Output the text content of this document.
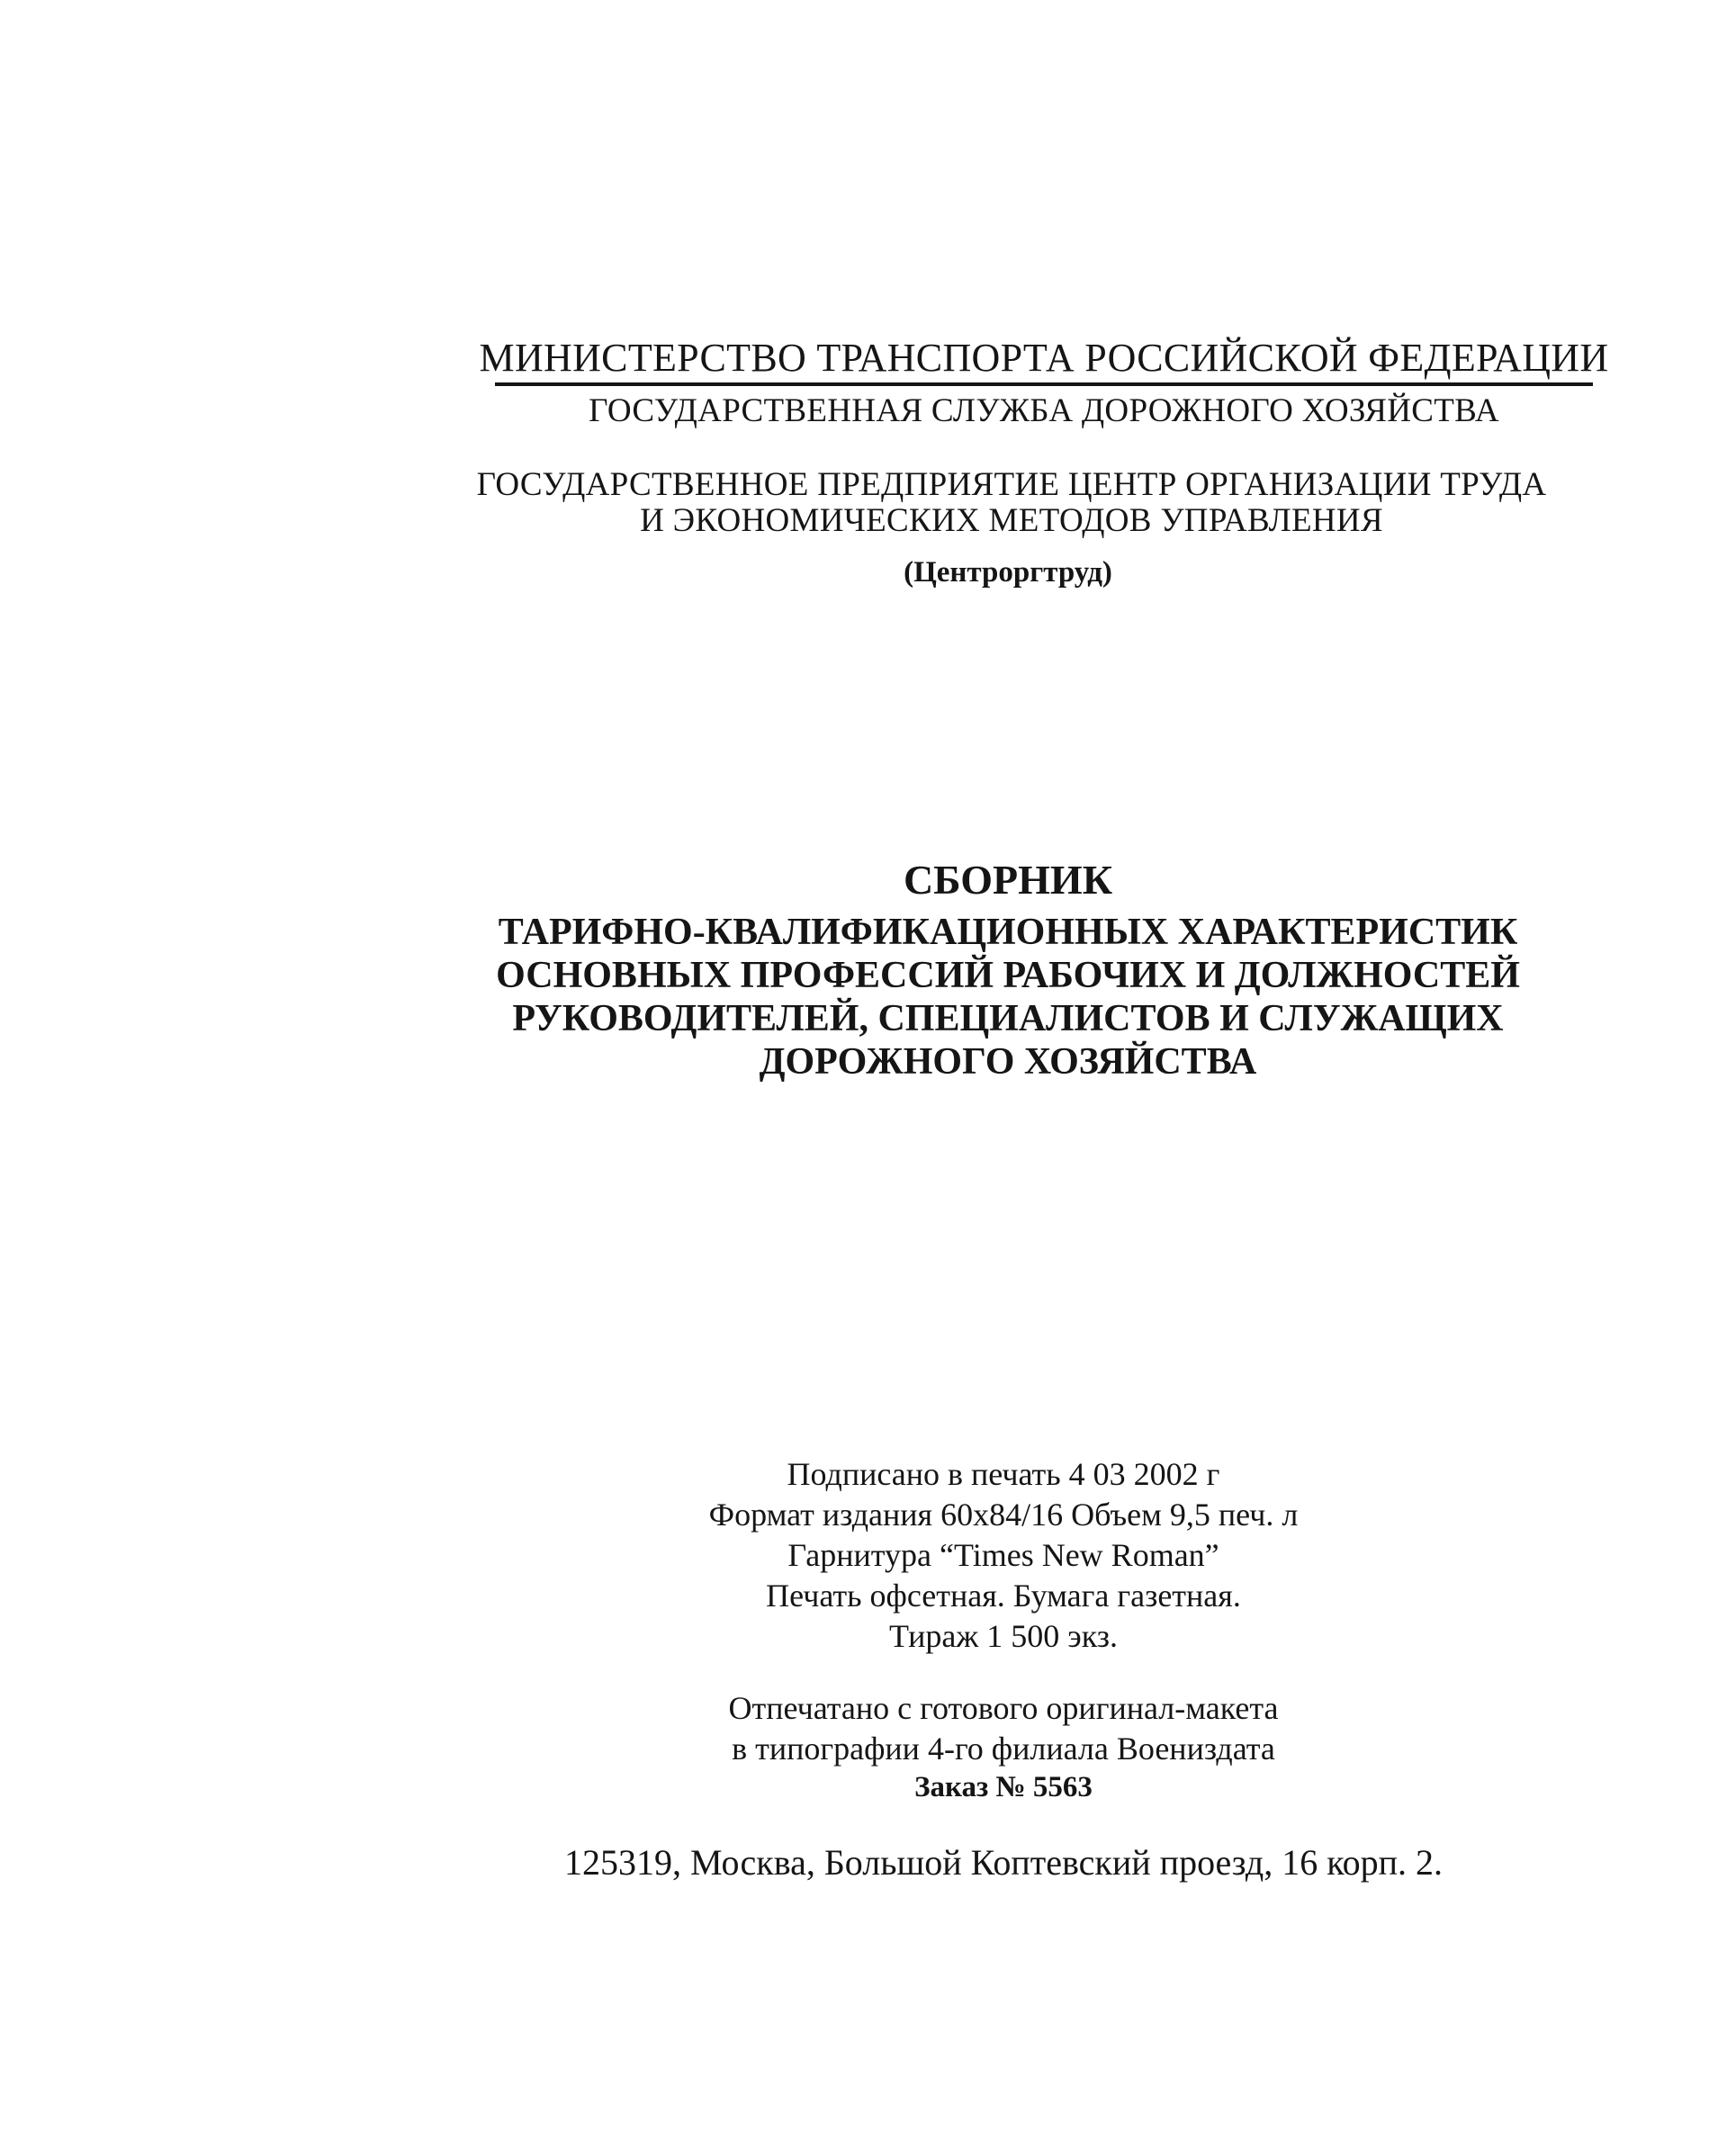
МИНИСТЕРСТВО ТРАНСПОРТА РОССИЙСКОЙ ФЕДЕРАЦИИ
ГОСУДАРСТВЕННАЯ СЛУЖБА ДОРОЖНОГО ХОЗЯЙСТВА
ГОСУДАРСТВЕННОЕ ПРЕДПРИЯТИЕ ЦЕНТР ОРГАНИЗАЦИИ ТРУДА
И ЭКОНОМИЧЕСКИХ МЕТОДОВ УПРАВЛЕНИЯ
(Центроргтруд)
СБОРНИК
ТАРИФНО-КВАЛИФИКАЦИОННЫХ ХАРАКТЕРИСТИК
ОСНОВНЫХ ПРОФЕССИЙ РАБОЧИХ И ДОЛЖНОСТЕЙ
РУКОВОДИТЕЛЕЙ, СПЕЦИАЛИСТОВ И СЛУЖАЩИХ
ДОРОЖНОГО ХОЗЯЙСТВА
Подписано в печать 4 03 2002 г
Формат издания 60x84/16 Объем 9,5 печ. л
Гарнитура “Times New Roman”
Печать офсетная. Бумага газетная.
Тираж 1 500 экз.
Отпечатано с готового оригинал-макета
в типографии 4-го филиала Воениздата
Заказ № 5563
125319, Москва, Большой Коптевский проезд, 16 корп. 2.
